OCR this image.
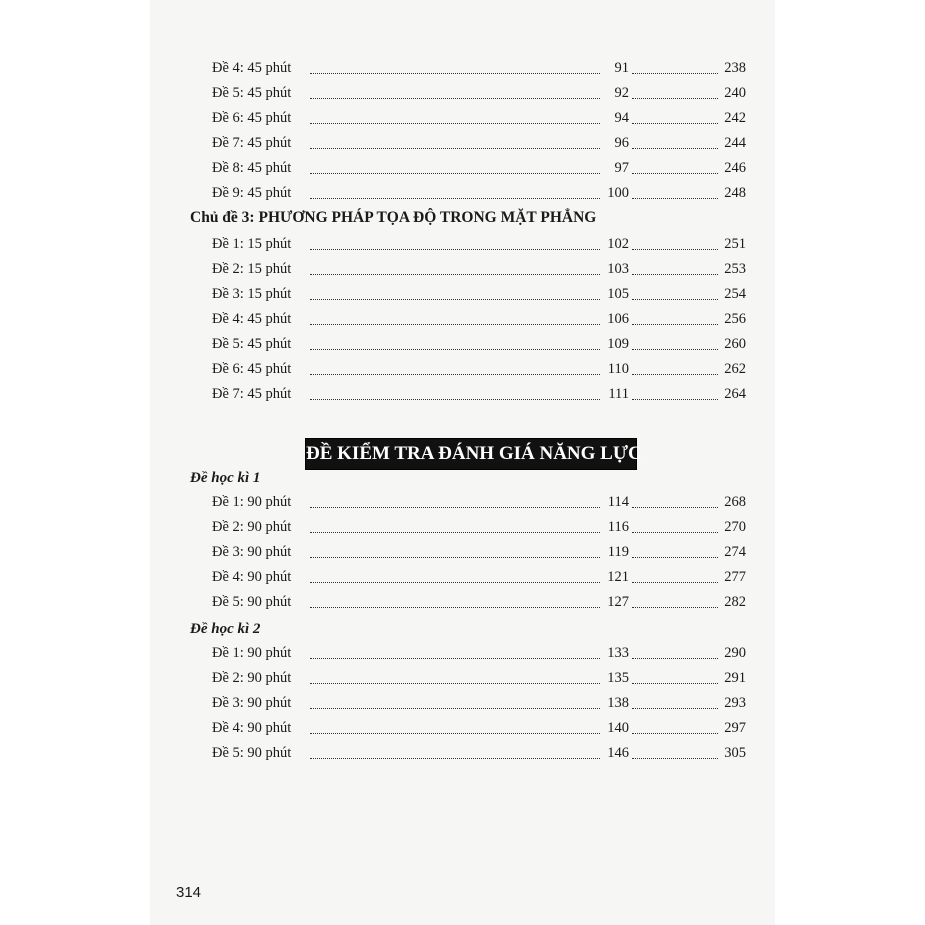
Đề 4: 45 phút	91	238
Đề 5: 45 phút	92	240
Đề 6: 45 phút	94	242
Đề 7: 45 phút	96	244
Đề 8: 45 phút	97	246
Đề 9: 45 phút	100	248
Chủ đề 3: PHƯƠNG PHÁP TỌA ĐỘ TRONG MẶT PHẲNG
Đề 1: 15 phút	102	251
Đề 2: 15 phút	103	253
Đề 3: 15 phút	105	254
Đề 4: 45 phút	106	256
Đề 5: 45 phút	109	260
Đề 6: 45 phút	110	262
Đề 7: 45 phút	111	264
ĐỀ KIỂM TRA ĐÁNH GIÁ NĂNG LỰC
Đề học kì 1
Đề 1: 90 phút	114	268
Đề 2: 90 phút	116	270
Đề 3: 90 phút	119	274
Đề 4: 90 phút	121	277
Đề 5: 90 phút	127	282
Đề học kì 2
Đề 1: 90 phút	133	290
Đề 2: 90 phút	135	291
Đề 3: 90 phút	138	293
Đề 4: 90 phút	140	297
Đề 5: 90 phút	146	305
314
